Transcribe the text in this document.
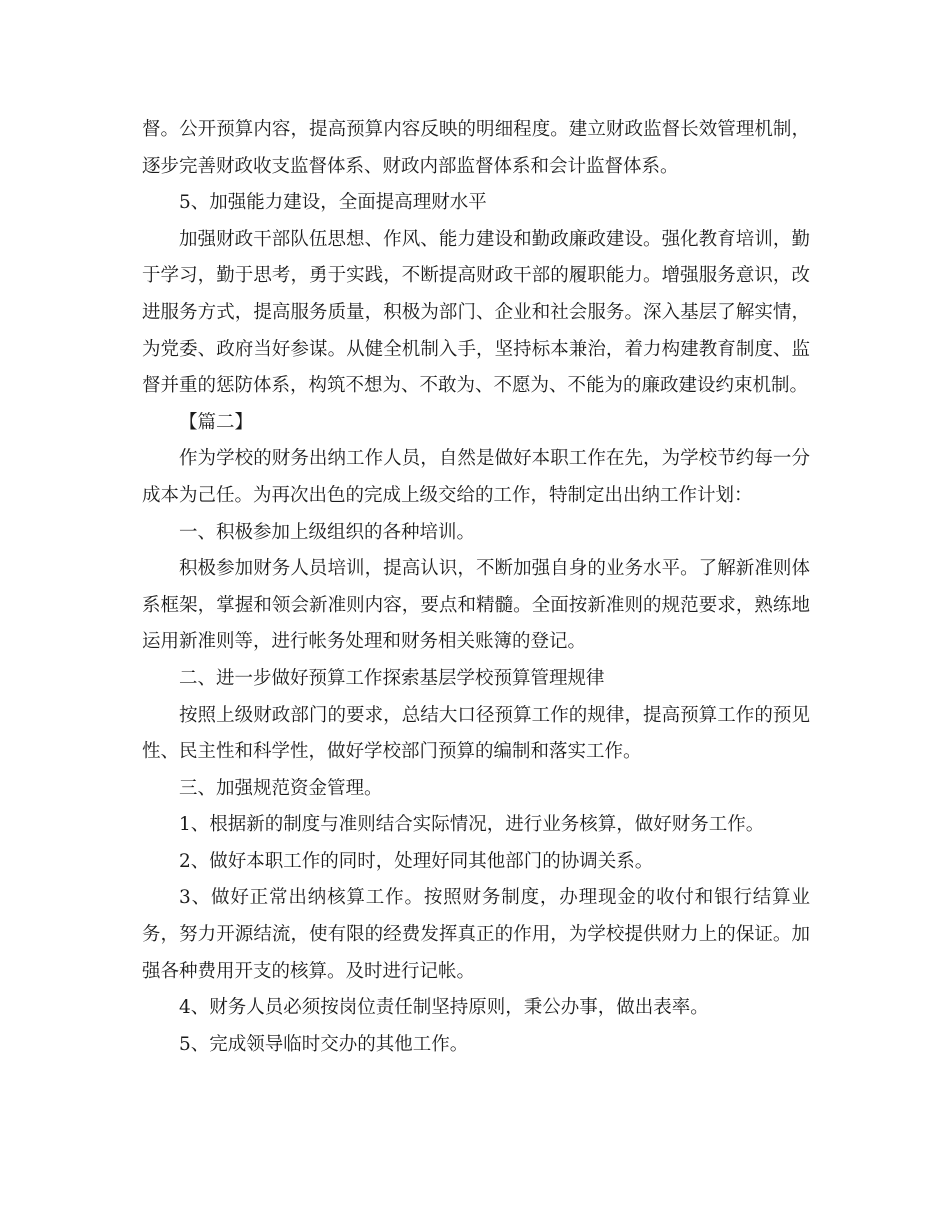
督。公开预算内容，提高预算内容反映的明细程度。建立财政监督长效管理机制，逐步完善财政收支监督体系、财政内部监督体系和会计监督体系。

5、加强能力建设，全面提高理财水平

加强财政干部队伍思想、作风、能力建设和勤政廉政建设。强化教育培训，勤于学习，勤于思考，勇于实践，不断提高财政干部的履职能力。增强服务意识，改进服务方式，提高服务质量，积极为部门、企业和社会服务。深入基层了解实情，为党委、政府当好参谋。从健全机制入手，坚持标本兼治，着力构建教育制度、监督并重的惩防体系，构筑不想为、不敢为、不愿为、不能为的廉政建设约束机制。

【篇二】

作为学校的财务出纳工作人员，自然是做好本职工作在先，为学校节约每一分成本为己任。为再次出色的完成上级交给的工作，特制定出出纳工作计划：

一、积极参加上级组织的各种培训。

积极参加财务人员培训，提高认识，不断加强自身的业务水平。了解新准则体系框架，掌握和领会新准则内容，要点和精髓。全面按新准则的规范要求，熟练地运用新准则等，进行帐务处理和财务相关账簿的登记。

二、进一步做好预算工作探索基层学校预算管理规律

按照上级财政部门的要求，总结大口径预算工作的规律，提高预算工作的预见性、民主性和科学性，做好学校部门预算的编制和落实工作。

三、加强规范资金管理。

1、根据新的制度与准则结合实际情况，进行业务核算，做好财务工作。

2、做好本职工作的同时，处理好同其他部门的协调关系。

3、做好正常出纳核算工作。按照财务制度，办理现金的收付和银行结算业务，努力开源结流，使有限的经费发挥真正的作用，为学校提供财力上的保证。加强各种费用开支的核算。及时进行记帐。

4、财务人员必须按岗位责任制坚持原则，秉公办事，做出表率。

5、完成领导临时交办的其他工作。
